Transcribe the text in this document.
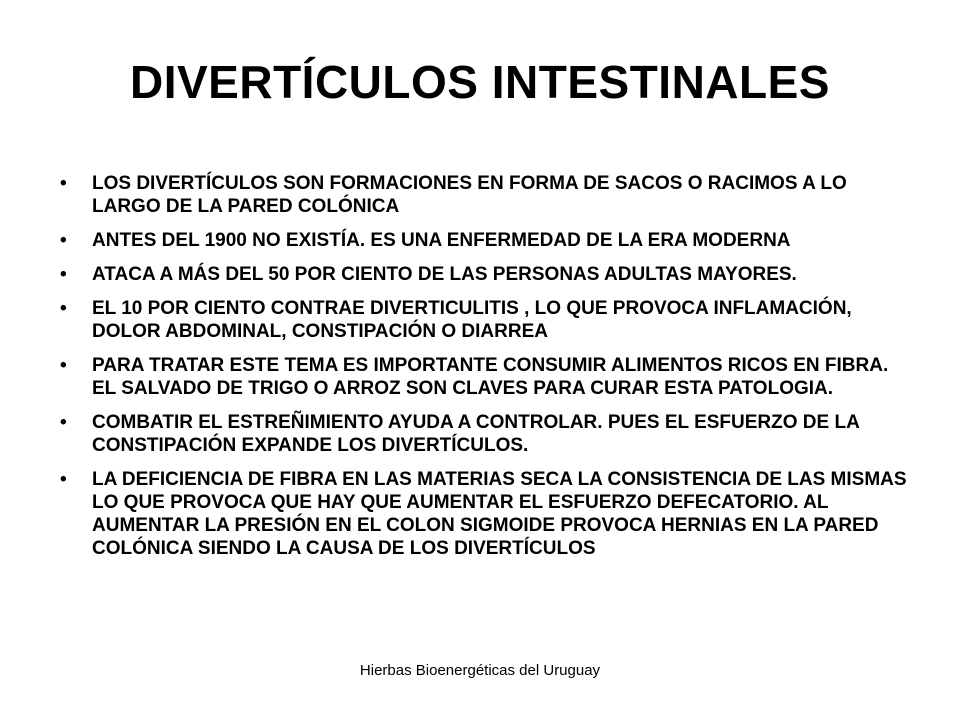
DIVERTÍCULOS INTESTINALES
• LOS DIVERTÍCULOS SON FORMACIONES EN FORMA DE SACOS O RACIMOS A LO LARGO DE LA PARED COLÓNICA
• ANTES DEL 1900 NO EXISTÍA. ES UNA ENFERMEDAD DE LA ERA MODERNA
• ATACA A MÁS DEL 50 POR CIENTO DE LAS PERSONAS ADULTAS MAYORES.
• EL 10 POR CIENTO CONTRAE DIVERTICULITIS , LO QUE PROVOCA INFLAMACIÓN, DOLOR ABDOMINAL, CONSTIPACIÓN O DIARREA
• PARA TRATAR ESTE TEMA ES IMPORTANTE CONSUMIR ALIMENTOS RICOS EN FIBRA. EL SALVADO DE TRIGO O ARROZ SON CLAVES PARA CURAR ESTA PATOLOGIA.
• COMBATIR EL ESTREÑIMIENTO AYUDA A CONTROLAR. PUES EL ESFUERZO DE LA CONSTIPACIÓN EXPANDE LOS DIVERTÍCULOS.
• LA DEFICIENCIA DE FIBRA EN LAS MATERIAS SECA LA CONSISTENCIA DE LAS MISMAS LO QUE PROVOCA QUE HAY QUE AUMENTAR EL ESFUERZO DEFECATORIO. AL AUMENTAR LA PRESIÓN EN EL COLON SIGMOIDE PROVOCA HERNIAS EN LA PARED COLÓNICA SIENDO LA CAUSA DE LOS DIVERTÍCULOS
Hierbas Bioenergéticas del Uruguay
